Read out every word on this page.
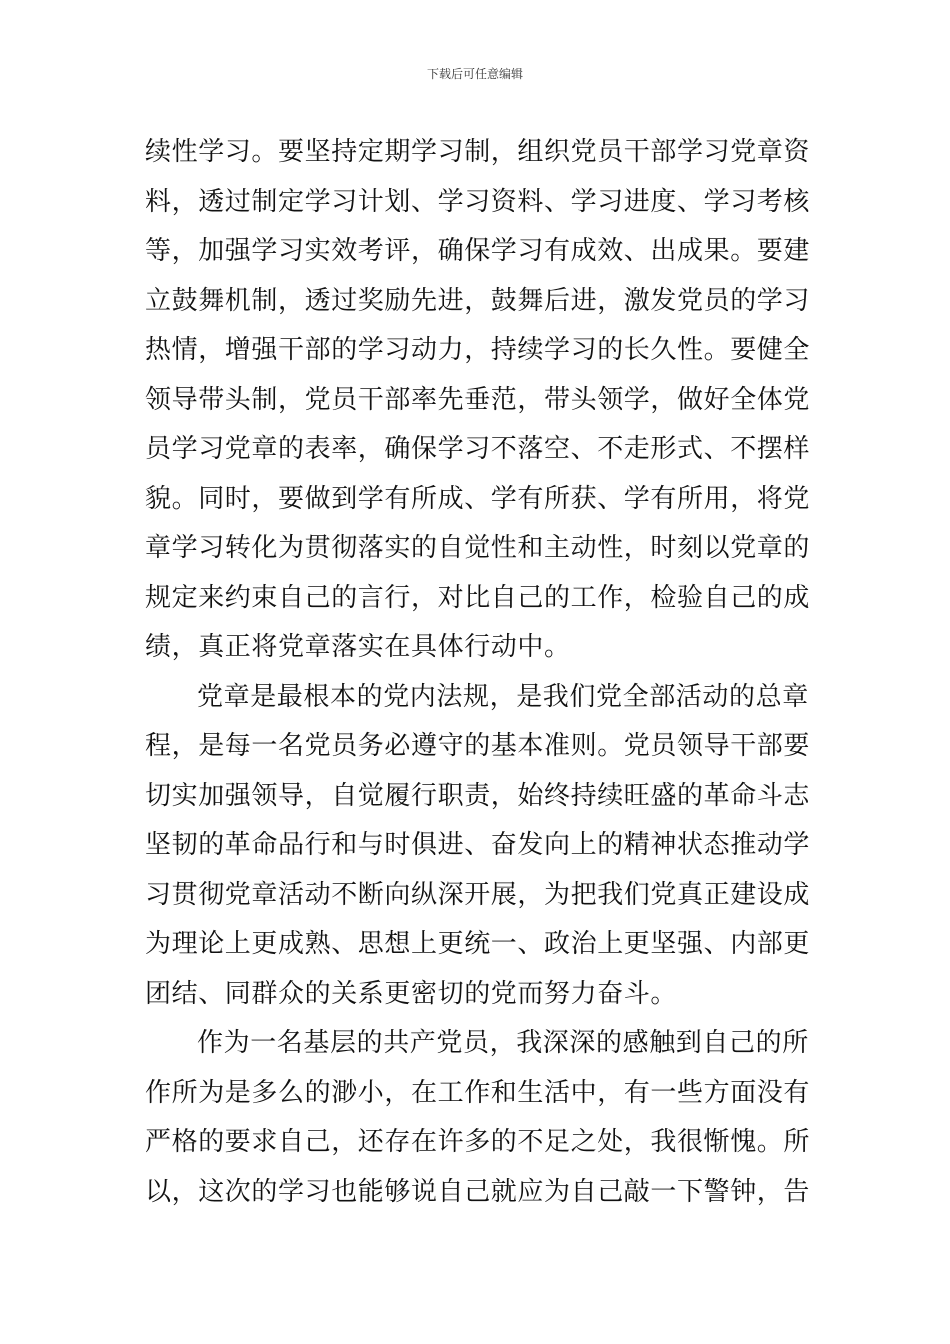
下载后可任意编辑
续性学习。要坚持定期学习制，组织党员干部学习党章资
料，透过制定学习计划、学习资料、学习进度、学习考核
等，加强学习实效考评，确保学习有成效、出成果。要建
立鼓舞机制，透过奖励先进，鼓舞后进，激发党员的学习
热情，增强干部的学习动力，持续学习的长久性。要健全
领导带头制，党员干部率先垂范，带头领学，做好全体党
员学习党章的表率，确保学习不落空、不走形式、不摆样
貌。同时，要做到学有所成、学有所获、学有所用，将党
章学习转化为贯彻落实的自觉性和主动性，时刻以党章的
规定来约束自己的言行，对比自己的工作，检验自己的成
绩，真正将党章落实在具体行动中。
党章是最根本的党内法规，是我们党全部活动的总章
程，是每一名党员务必遵守的基本准则。党员领导干部要
切实加强领导，自觉履行职责，始终持续旺盛的革命斗志
坚韧的革命品行和与时俱进、奋发向上的精神状态推动学
习贯彻党章活动不断向纵深开展，为把我们党真正建设成
为理论上更成熟、思想上更统一、政治上更坚强、内部更
团结、同群众的关系更密切的党而努力奋斗。
作为一名基层的共产党员，我深深的感触到自己的所
作所为是多么的渺小，在工作和生活中，有一些方面没有
严格的要求自己，还存在许多的不足之处，我很惭愧。所
以，这次的学习也能够说自己就应为自己敲一下警钟，告
